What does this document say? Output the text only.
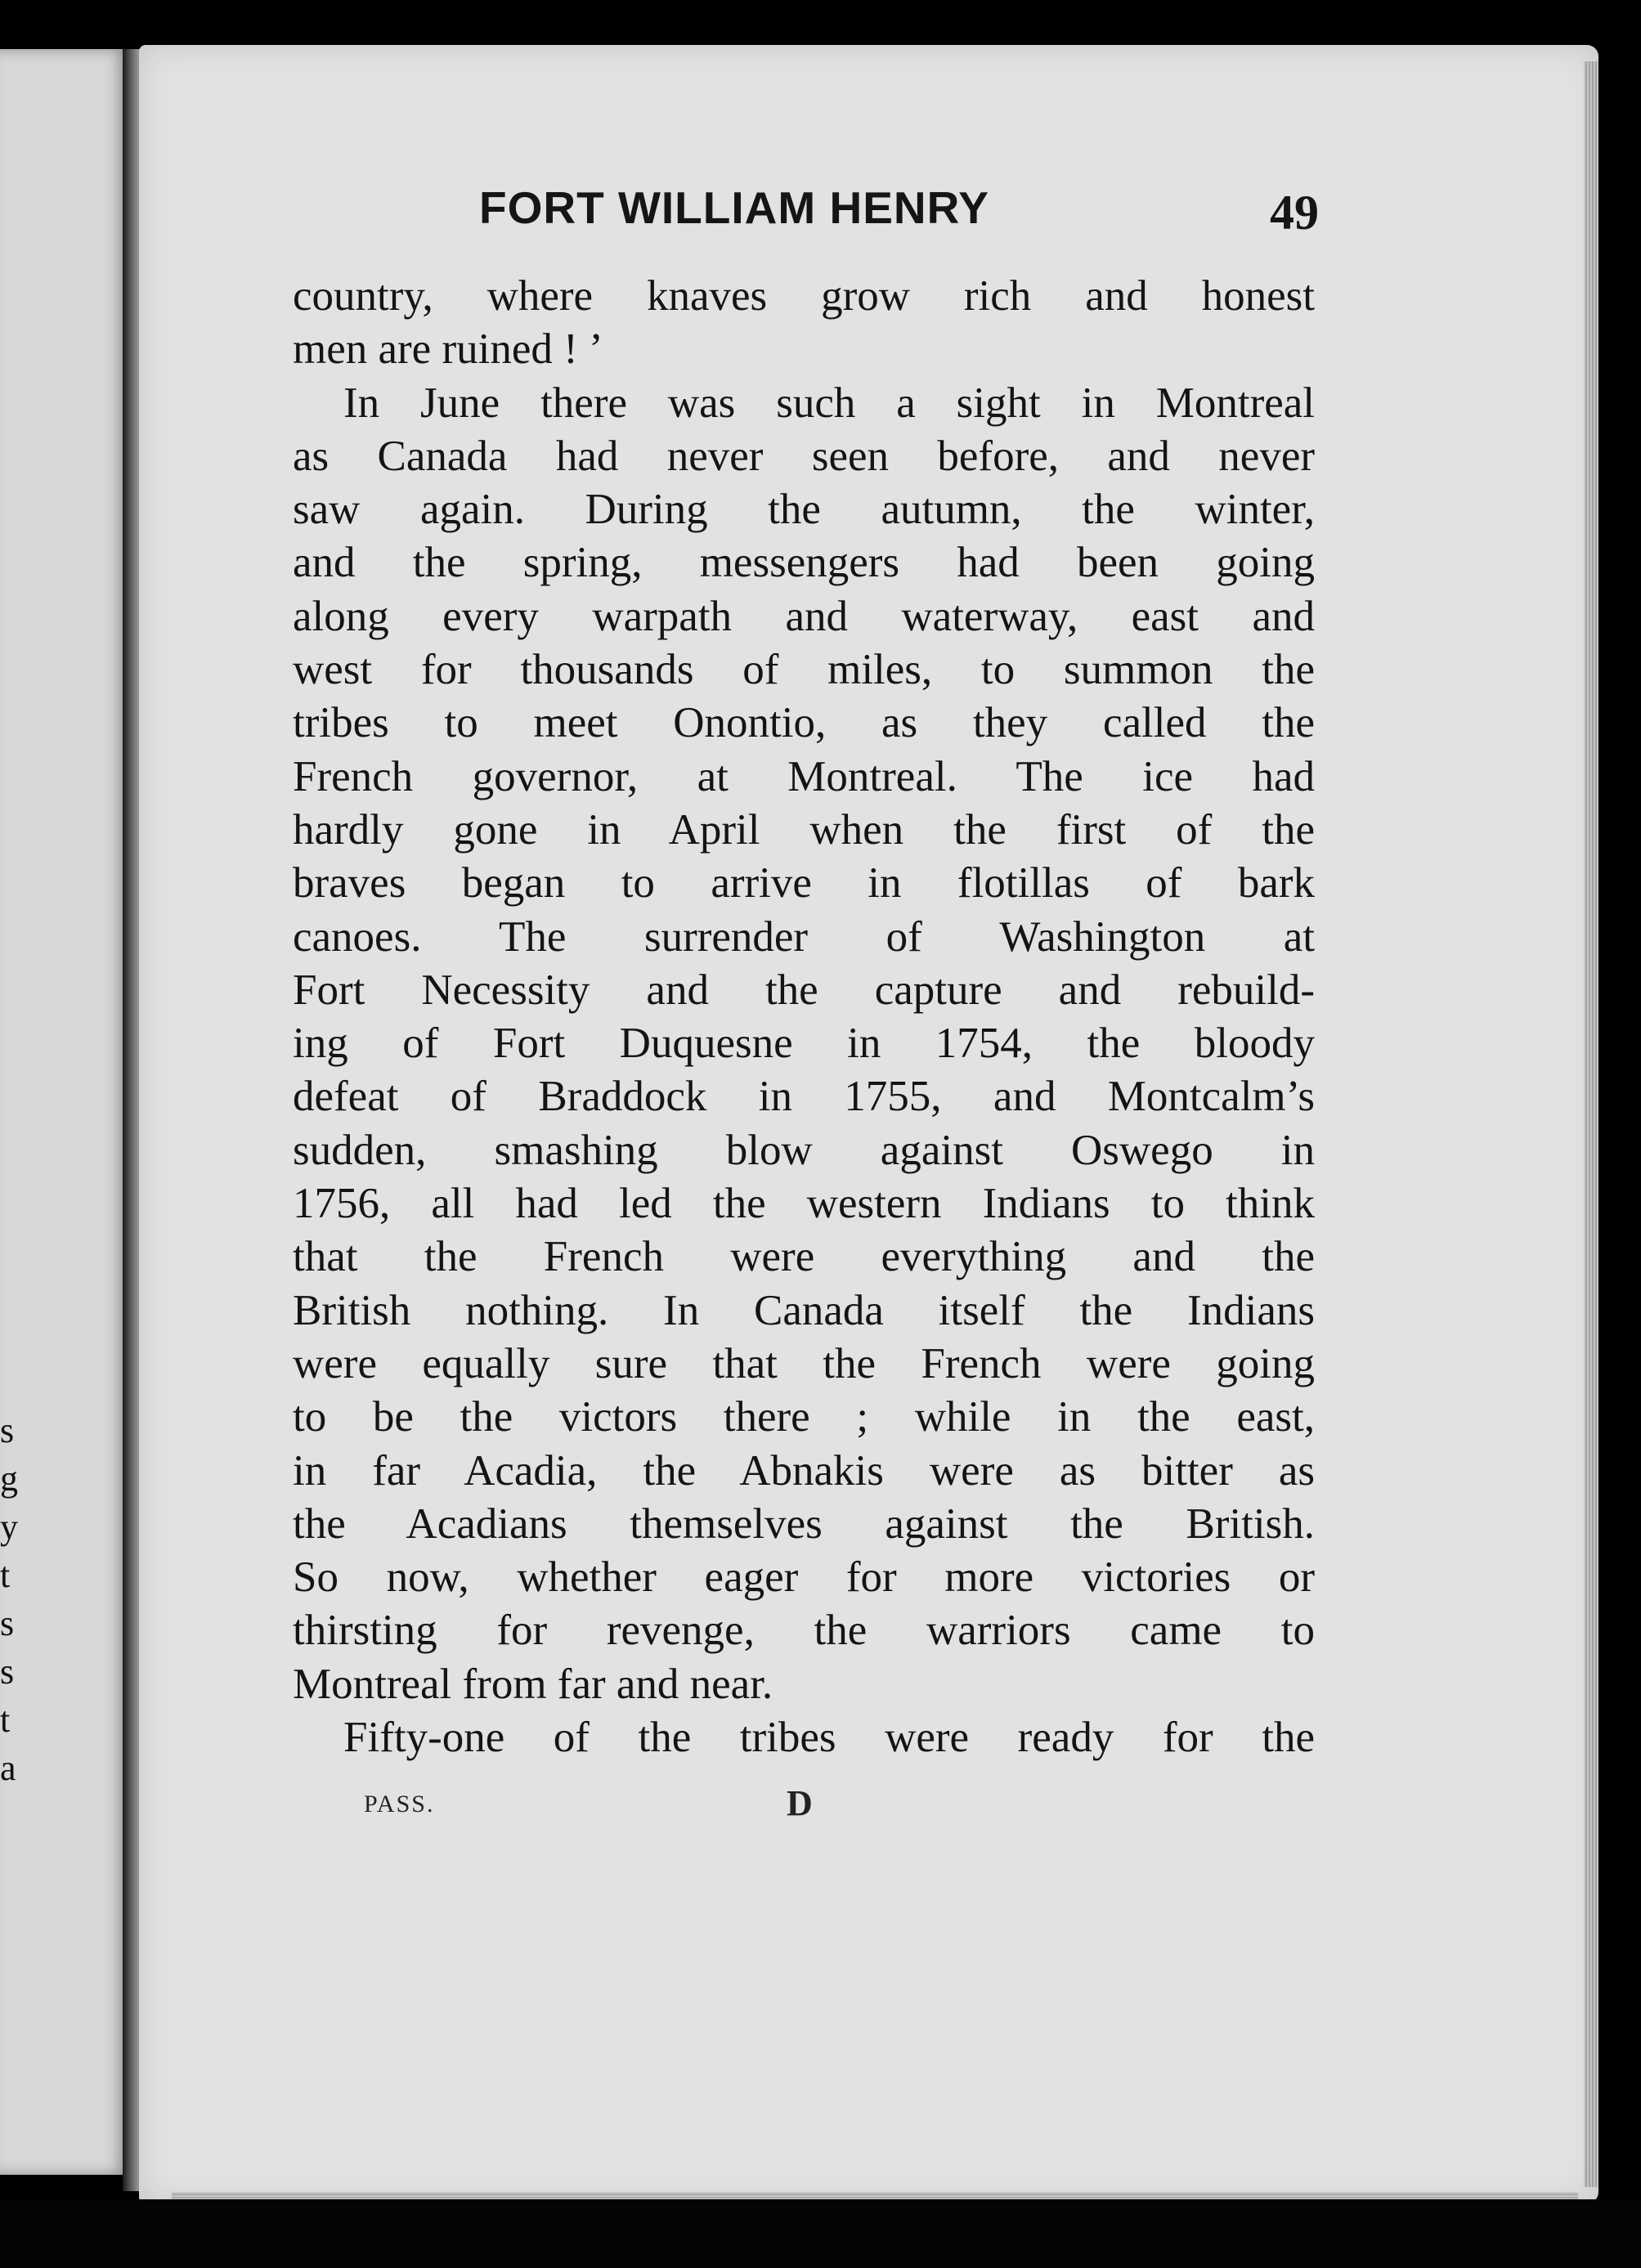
s
g
y
t
s
s
t
a
FORT WILLIAM HENRY	49
country, where knaves grow rich and honest
men are ruined ! ’
In June there was such a sight in Montreal
as Canada had never seen before, and never
saw again. During the autumn, the winter,
and the spring, messengers had been going
along every warpath and waterway, east and
west for thousands of miles, to summon the
tribes to meet Onontio, as they called the
French governor, at Montreal. The ice had
hardly gone in April when the first of the
braves began to arrive in flotillas of bark
canoes. The surrender of Washington at
Fort Necessity and the capture and rebuild-
ing of Fort Duquesne in 1754, the bloody
defeat of Braddock in 1755, and Montcalm’s
sudden, smashing blow against Oswego in
1756, all had led the western Indians to think
that the French were everything and the
British nothing. In Canada itself the Indians
were equally sure that the French were going
to be the victors there ; while in the east,
in far Acadia, the Abnakis were as bitter as
the Acadians themselves against the British.
So now, whether eager for more victories or
thirsting for revenge, the warriors came to
Montreal from far and near.
Fifty-one of the tribes were ready for the
PASS.	D
